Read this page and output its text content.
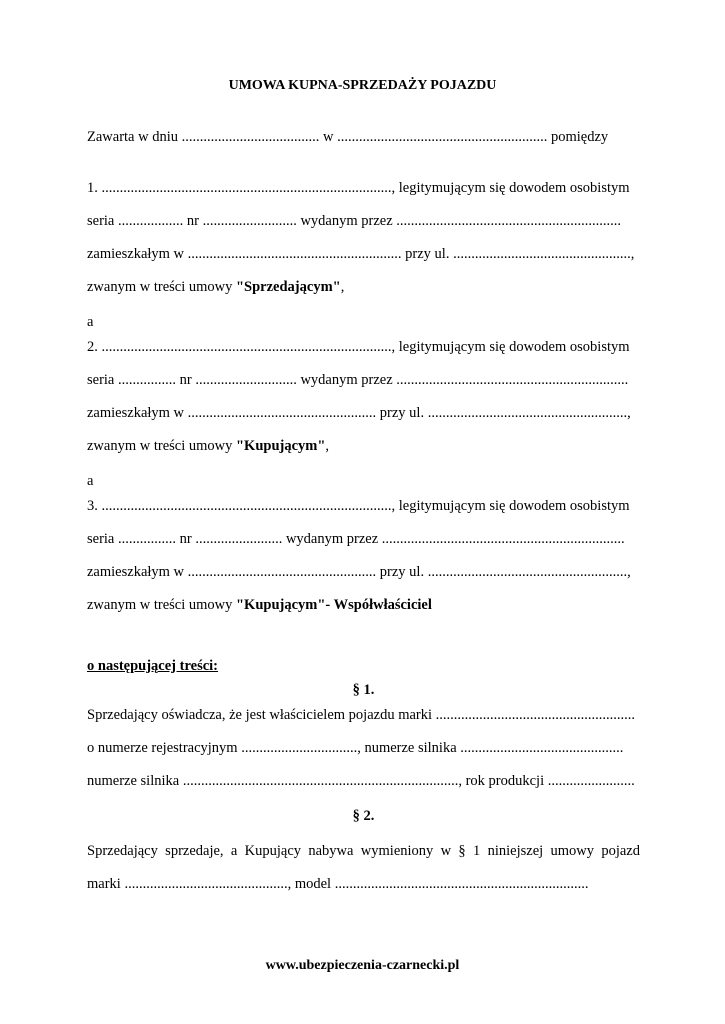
UMOWA KUPNA-SPRZEDAŻY POJAZDU
Zawarta w dniu ...................................... w .......................................................... pomiędzy
1. ................................................................................, legitymującym się dowodem osobistym
seria .................. nr .......................... wydanym przez ..............................................................
zamieszkałym w ........................................................... przy ul. .................................................,
zwanym w treści umowy "Sprzedającym",
a
2. ................................................................................, legitymującym się dowodem osobistym
seria ................ nr ............................ wydanym przez ................................................................
zamieszkałym w .................................................... przy ul. .......................................................,
zwanym w treści umowy "Kupującym",
a
3. ................................................................................, legitymującym się dowodem osobistym
seria ................ nr ........................ wydanym przez ...................................................................
zamieszkałym w .................................................... przy ul. .......................................................,
zwanym w treści umowy "Kupującym"- Współwłaściciel
o następującej treści:
§ 1.
Sprzedający oświadcza, że jest właścicielem pojazdu marki .......................................................
o numerze rejestracyjnym ................................, numerze silnika .............................................
numerze silnika ............................................................................, rok produkcji ........................
§ 2.
Sprzedający sprzedaje, a Kupujący nabywa wymieniony w § 1 niniejszej umowy pojazd
marki ............................................., model ......................................................................
www.ubezpieczenia-czarnecki.pl
